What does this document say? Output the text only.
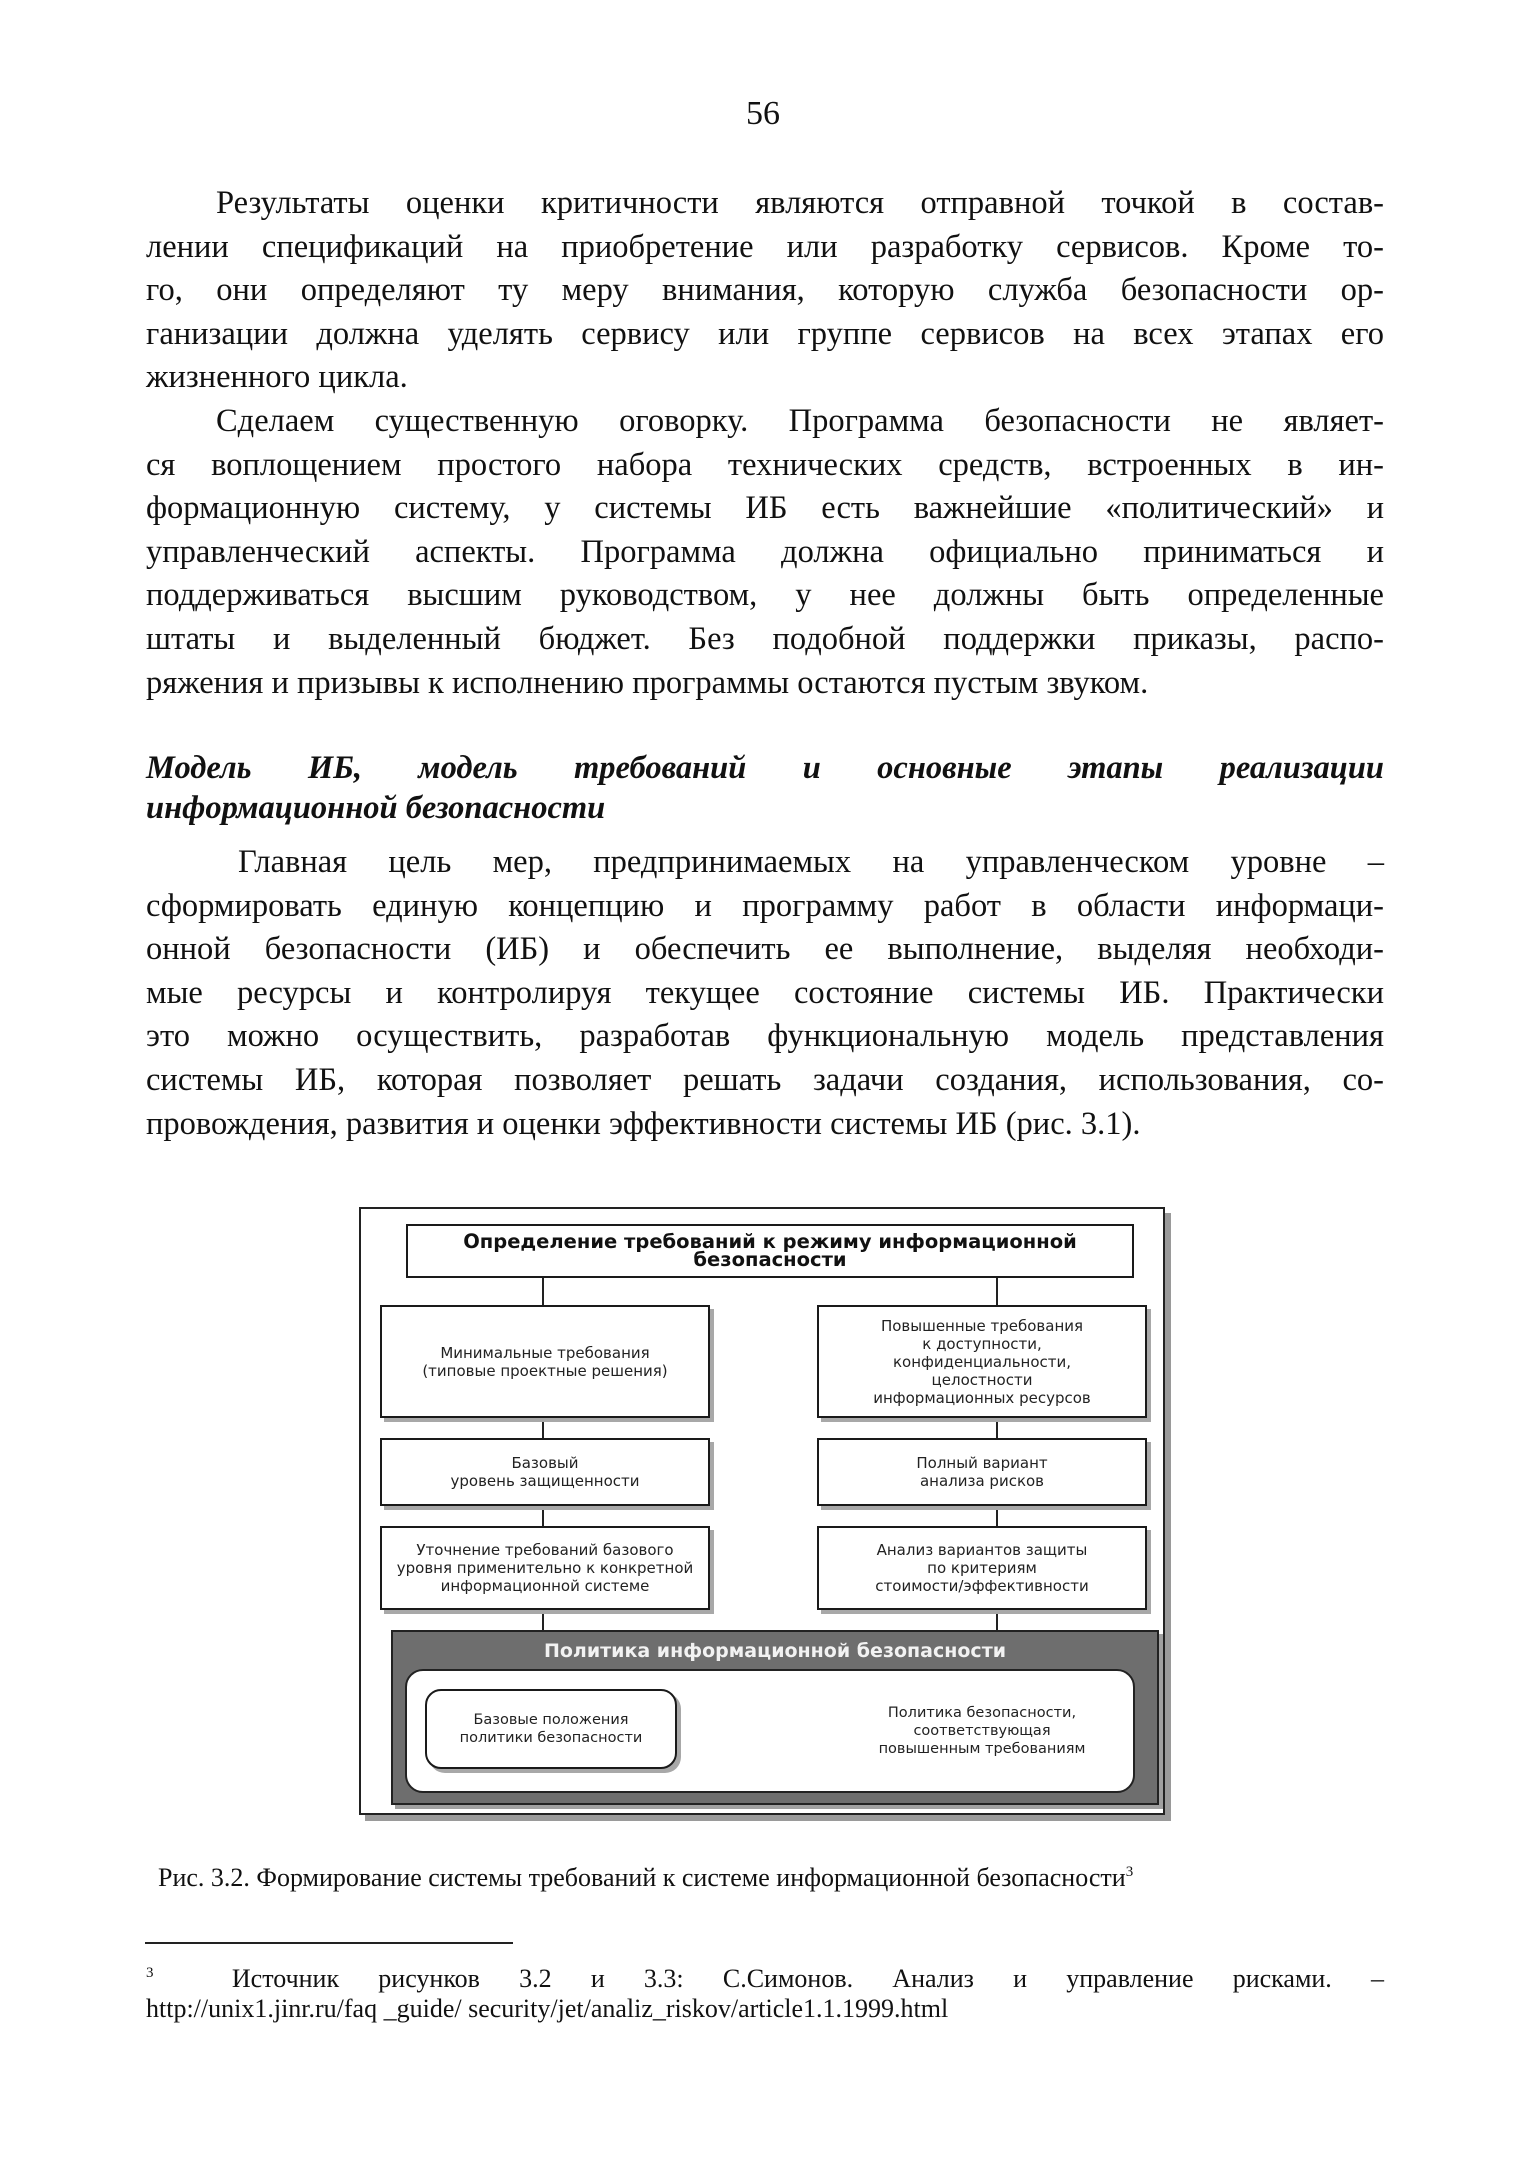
56
Результаты оценки критичности являются отправной точкой в состав-
лении спецификаций на приобретение или разработку сервисов. Кроме то-
го, они определяют ту меру внимания, которую служба безопасности ор-
ганизации должна уделять сервису или группе сервисов на всех этапах его
жизненного цикла.
Сделаем существенную оговорку. Программа безопасности не являет-
ся воплощением простого набора технических средств, встроенных в ин-
формационную систему, у системы ИБ есть важнейшие «политический» и
управленческий аспекты. Программа должна официально приниматься и
поддерживаться высшим руководством, у нее должны быть определенные
штаты и выделенный бюджет. Без подобной поддержки приказы, распо-
ряжения и призывы к исполнению программы остаются пустым звуком.
Модель ИБ, модель требований и основные этапы реализации
информационной безопасности
Главная цель мер, предпринимаемых на управленческом уровне –
сформировать единую концепцию и программу работ в области информаци-
онной безопасности (ИБ) и обеспечить ее выполнение, выделяя необходи-
мые ресурсы и контролируя текущее состояние системы ИБ. Практически
это можно осуществить, разработав функциональную модель представления
системы ИБ, которая позволяет решать задачи создания, использования, со-
провождения, развития и оценки эффективности системы ИБ (рис. 3.1).
Определение требований к режиму информационной безопасности
Минимальные требования
(типовые проектные решения)
Базовый
уровень защищенности
Уточнение требований базового
уровня применительно к конкретной
информационной системе
Повышенные требования
к доступности,
конфиденциальности,
целостности
информационных ресурсов
Полный вариант
анализа рисков
Анализ вариантов защиты
по критериям
стоимости/эффективности
Политика информационной безопасности
Базовые положения
политики безопасности
Политика безопасности,
соответствующая
повышенным требованиям
Рис. 3.2. Формирование системы требований к системе информационной безопасности$^3$
$^3$	Источник рисунков 3.2 и 3.3: С.Симонов. Анализ и управление рисками. –
http://unix1.jinr.ru/faq _guide/ security/jet/analiz_riskov/article1.1.1999.html
